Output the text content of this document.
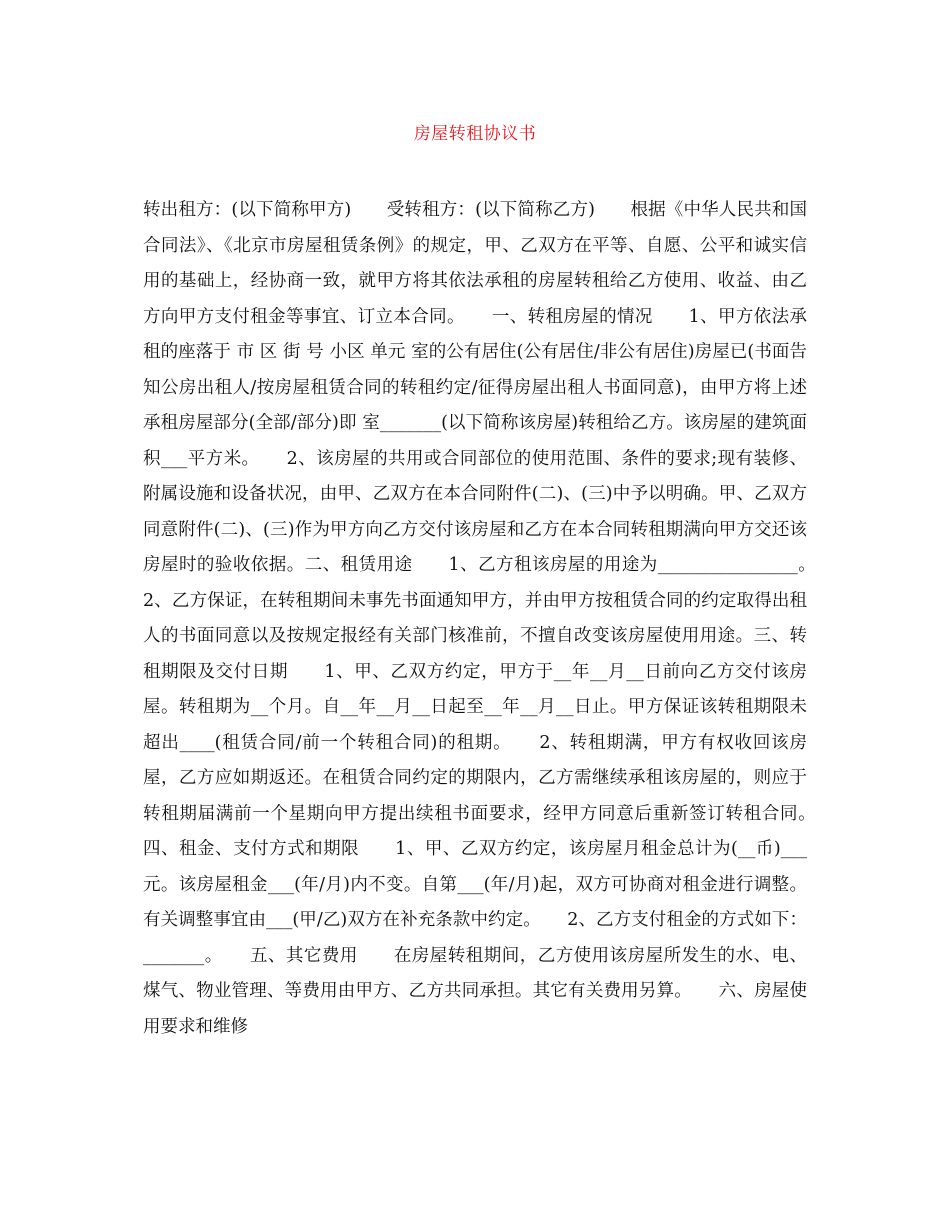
房屋转租协议书

转出租方：(以下简称甲方)　　受转租方：(以下简称乙方)　　根据《中华人民共和国合同法》、《北京市房屋租赁条例》的规定，甲、乙双方在平等、自愿、公平和诚实信用的基础上，经协商一致，就甲方将其依法承租的房屋转租给乙方使用、收益、由乙方向甲方支付租金等事宜、订立本合同。　　一、转租房屋的情况　　1、甲方依法承租的座落于 市 区 街 号 小区 单元 室的公有居住(公有居住/非公有居住)房屋已(书面告知公房出租人/按房屋租赁合同的转租约定/征得房屋出租人书面同意)，由甲方将上述承租房屋部分(全部/部分)即 室_______(以下简称该房屋)转租给乙方。该房屋的建筑面积___平方米。　　2、该房屋的共用或合同部位的使用范围、条件的要求;现有装修、附属设施和设备状况，由甲、乙双方在本合同附件(二)、(三)中予以明确。甲、乙双方同意附件(二)、(三)作为甲方向乙方交付该房屋和乙方在本合同转租期满向甲方交还该房屋时的验收依据。二、租赁用途　　1、乙方租该房屋的用途为________________。　　2、乙方保证，在转租期间未事先书面通知甲方，并由甲方按租赁合同的约定取得出租人的书面同意以及按规定报经有关部门核准前，不擅自改变该房屋使用用途。三、转租期限及交付日期　　1、甲、乙双方约定，甲方于__年__月__日前向乙方交付该房屋。转租期为__个月。自__年__月__日起至__年__月__日止。甲方保证该转租期限未超出____(租赁合同/前一个转租合同)的租期。　　2、转租期满，甲方有权收回该房屋，乙方应如期返还。在租赁合同约定的期限内，乙方需继续承租该房屋的，则应于转租期届满前一个星期向甲方提出续租书面要求，经甲方同意后重新签订转租合同。　　四、租金、支付方式和期限　　1、甲、乙双方约定，该房屋月租金总计为(__币)___元。该房屋租金___(年/月)内不变。自第___(年/月)起，双方可协商对租金进行调整。有关调整事宜由___(甲/乙)双方在补充条款中约定。　　2、乙方支付租金的方式如下：_______。　　五、其它费用　　在房屋转租期间，乙方使用该房屋所发生的水、电、煤气、物业管理、等费用由甲方、乙方共同承担。其它有关费用另算。　　六、房屋使用要求和维修
